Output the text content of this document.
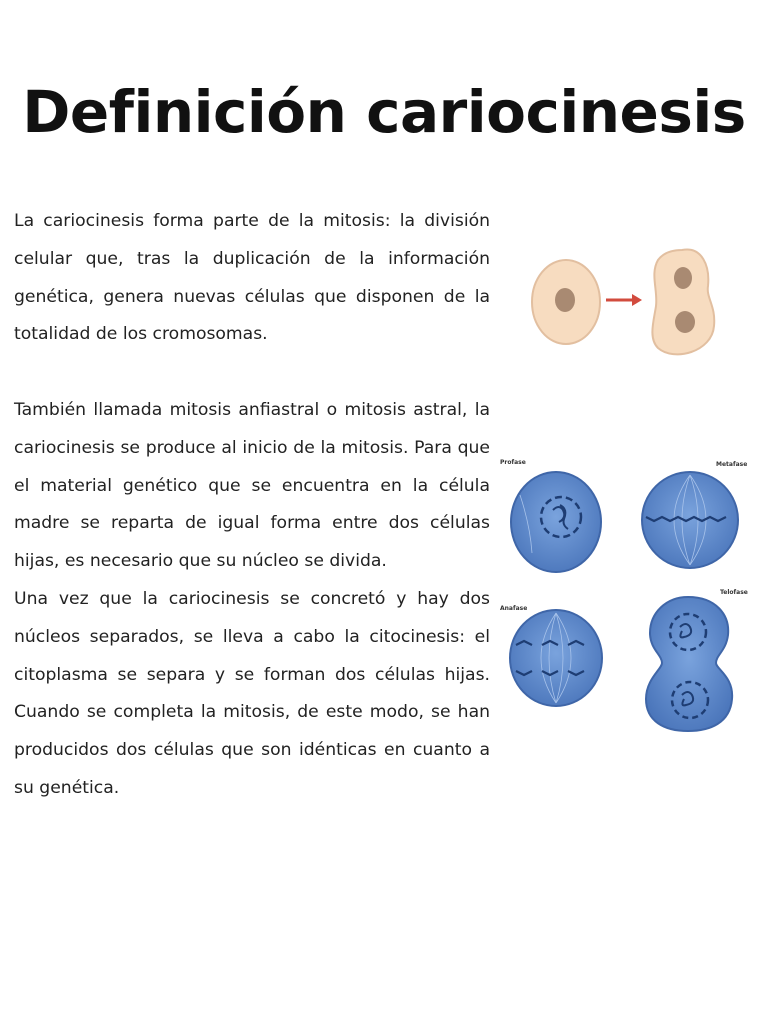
Definición cariocinesis

La cariocinesis forma parte de la mitosis: la división celular que, tras la duplicación de la información genética, genera nuevas células que disponen de la totalidad de los cromosomas.

También llamada mitosis anfiastral o mitosis astral, la cariocinesis se produce al inicio de la mitosis. Para que el material genético que se encuentra en la célula madre se reparta de igual forma entre dos células hijas, es necesario que su núcleo se divida.

Una vez que la cariocinesis se concretó y hay dos núcleos separados, se lleva a cabo la citocinesis: el citoplasma se separa y se forman dos células hijas. Cuando se completa la mitosis, de este modo, se han producidos dos células que son idénticas en cuanto a su genética.

Profase	Metafase
Telofase
Anafase
